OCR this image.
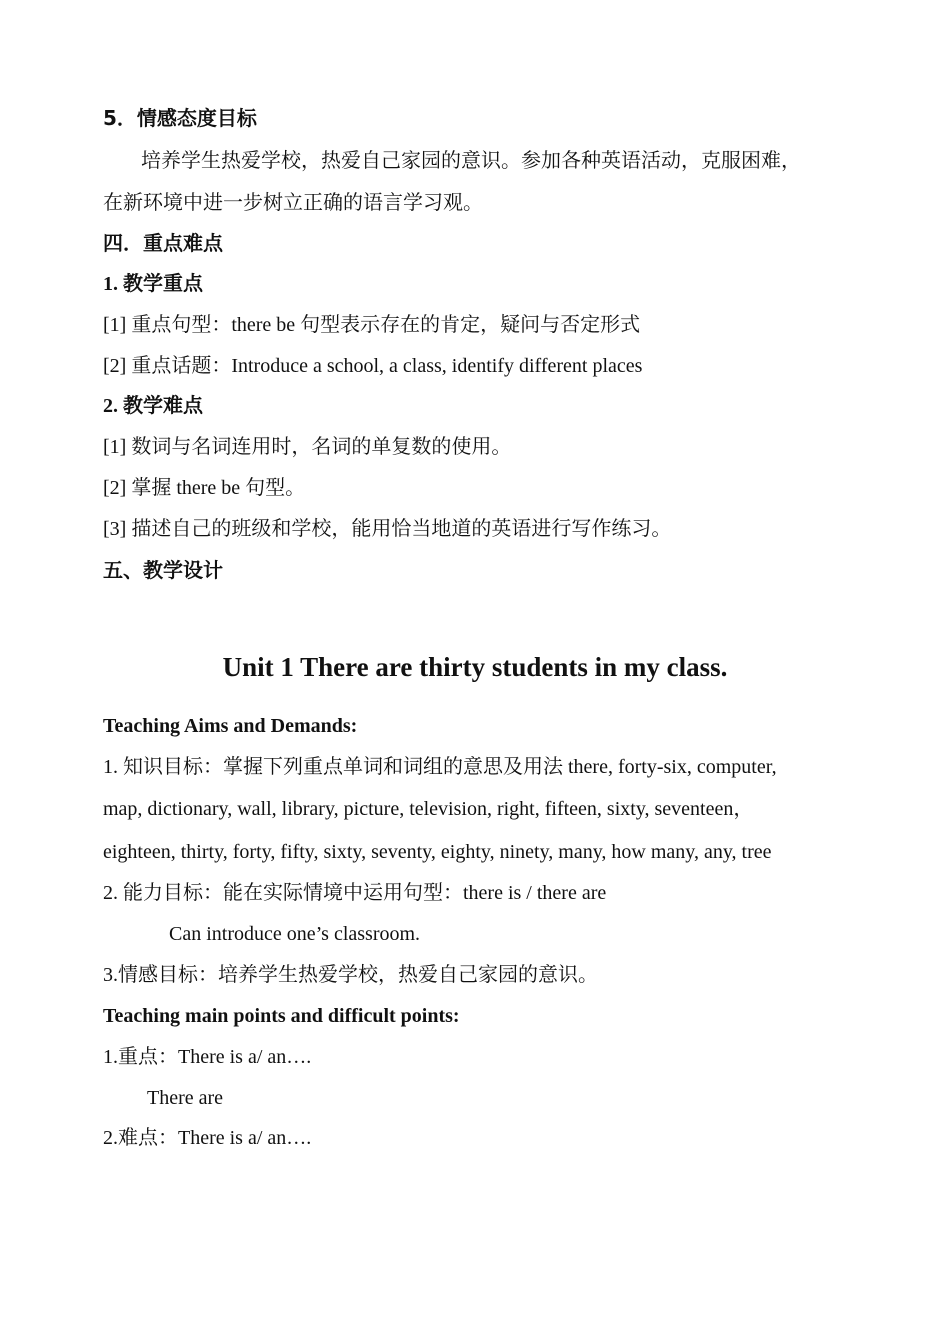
5．情感态度目标
培养学生热爱学校，热爱自己家园的意识。参加各种英语活动，克服困难，
在新环境中进一步树立正确的语言学习观。
四．重点难点
1. 教学重点
[1] 重点句型：there be 句型表示存在的肯定，疑问与否定形式
[2] 重点话题：Introduce a school, a class, identify different places
2. 教学难点
[1] 数词与名词连用时，名词的单复数的使用。
[2] 掌握 there be 句型。
[3] 描述自己的班级和学校，能用恰当地道的英语进行写作练习。
五、教学设计
Unit 1 There are thirty students in my class.
Teaching Aims and Demands:
1. 知识目标：掌握下列重点单词和词组的意思及用法 there, forty-six, computer,
map, dictionary, wall, library, picture, television, right, fifteen, sixty, seventeen，
eighteen, thirty, forty, fifty, sixty, seventy, eighty, ninety, many, how many, any, tree
2. 能力目标：能在实际情境中运用句型：there is / there are
Can introduce one’s classroom.
3.情感目标：培养学生热爱学校，热爱自己家园的意识。
Teaching main points and difficult points:
1.重点：There is a/ an….
There are
2.难点：There is a/ an….
